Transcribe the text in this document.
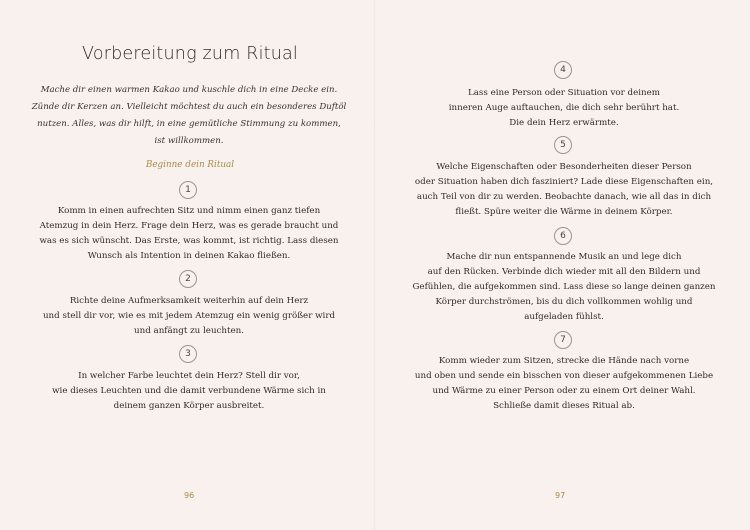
Vorbereitung zum Ritual
Mache dir einen warmen Kakao und kuschle dich in eine Decke ein.
Zünde dir Kerzen an. Vielleicht möchtest du auch ein besonderes Duftöl
nutzen. Alles, was dir hilft, in eine gemütliche Stimmung zu kommen,
ist willkommen.
Beginne dein Ritual
1
Komm in einen aufrechten Sitz und nimm einen ganz tiefen
Atemzug in dein Herz. Frage dein Herz, was es gerade braucht und
was es sich wünscht. Das Erste, was kommt, ist richtig. Lass diesen
Wunsch als Intention in deinen Kakao fließen.
2
Richte deine Aufmerksamkeit weiterhin auf dein Herz
und stell dir vor, wie es mit jedem Atemzug ein wenig größer wird
und anfängt zu leuchten.
3
In welcher Farbe leuchtet dein Herz? Stell dir vor,
wie dieses Leuchten und die damit verbundene Wärme sich in
deinem ganzen Körper ausbreitet.
96
4
Lass eine Person oder Situation vor deinem
inneren Auge auftauchen, die dich sehr berührt hat.
Die dein Herz erwärmte.
5
Welche Eigenschaften oder Besonderheiten dieser Person
oder Situation haben dich fasziniert? Lade diese Eigenschaften ein,
auch Teil von dir zu werden. Beobachte danach, wie all das in dich
fließt. Spüre weiter die Wärme in deinem Körper.
6
Mache dir nun entspannende Musik an und lege dich
auf den Rücken. Verbinde dich wieder mit all den Bildern und
Gefühlen, die aufgekommen sind. Lass diese so lange deinen ganzen
Körper durchströmen, bis du dich vollkommen wohlig und
aufgeladen fühlst.
7
Komm wieder zum Sitzen, strecke die Hände nach vorne
und oben und sende ein bisschen von dieser aufgekommenen Liebe
und Wärme zu einer Person oder zu einem Ort deiner Wahl.
Schließe damit dieses Ritual ab.
97
